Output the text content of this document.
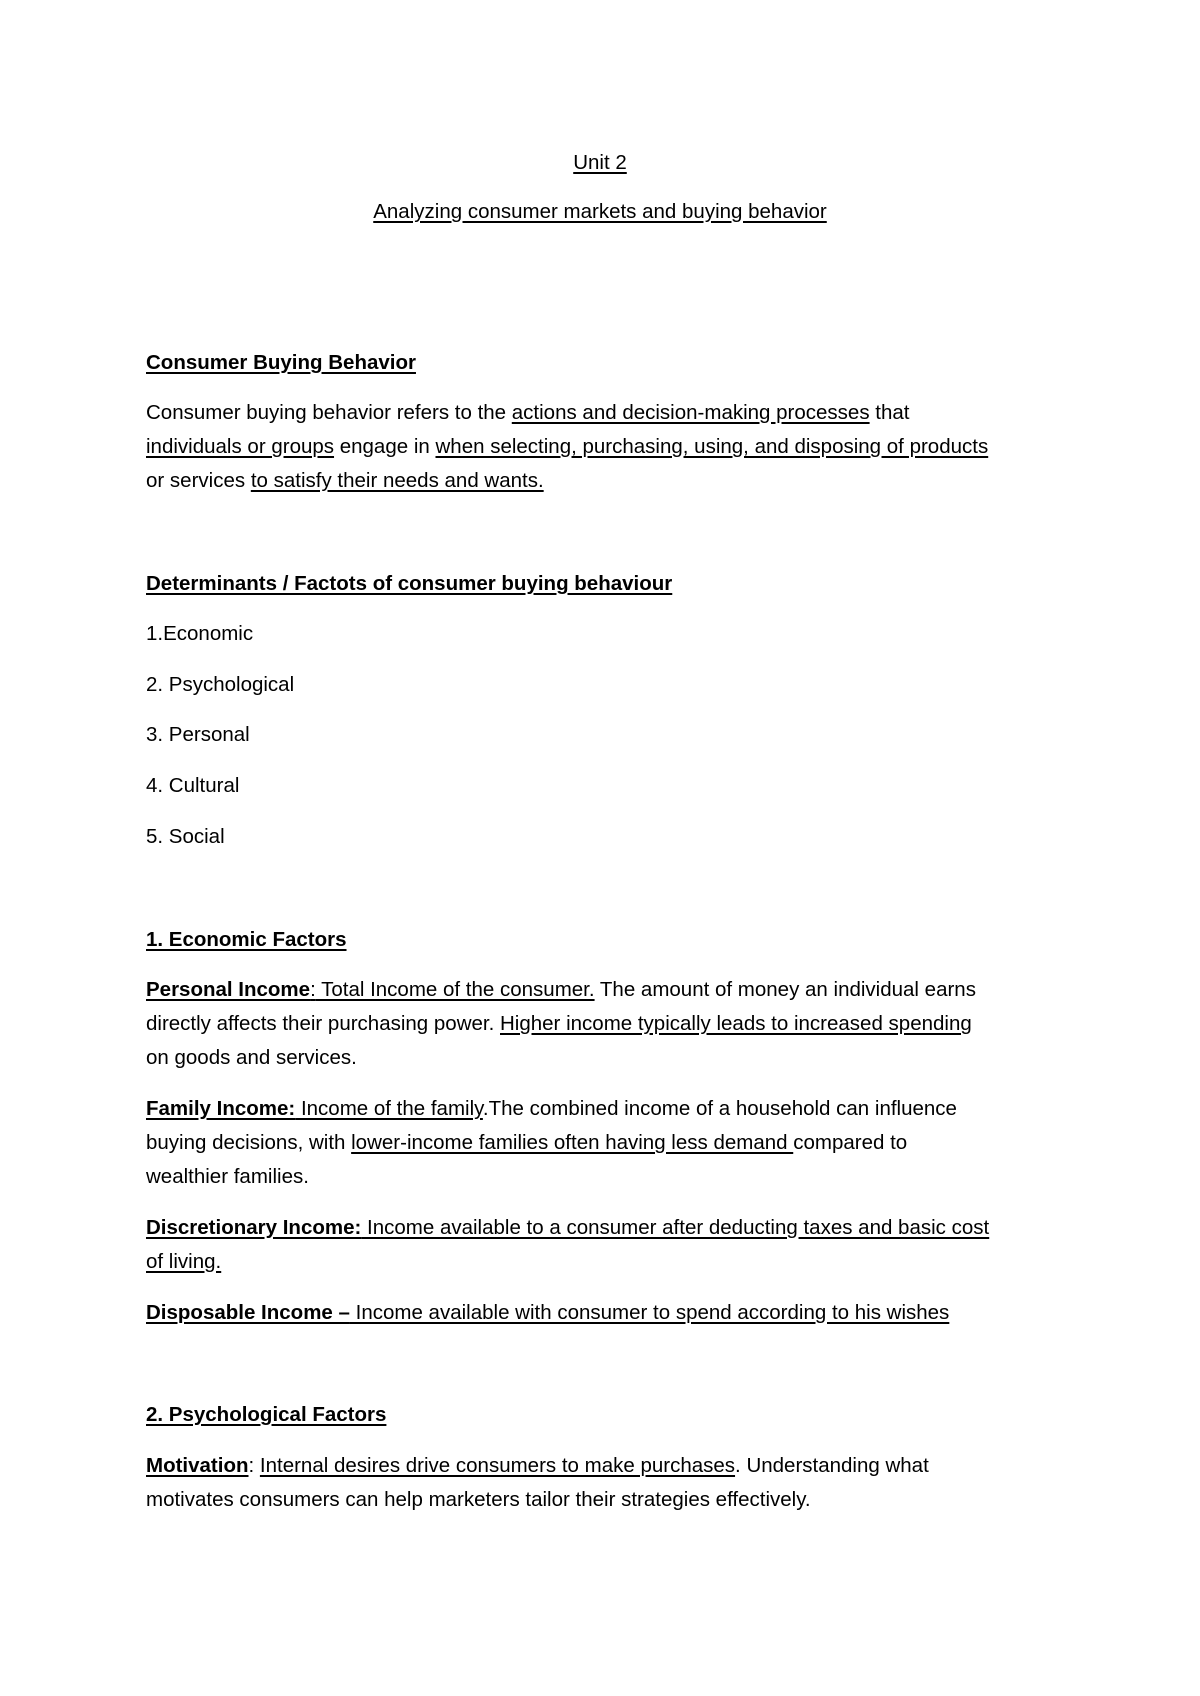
Unit 2

Analyzing consumer markets and buying behavior

Consumer Buying Behavior

Consumer buying behavior refers to the actions and decision-making processes that

individuals or groups engage in when selecting, purchasing, using, and disposing of products

or services to satisfy their needs and wants.

Determinants / Factots of consumer buying behaviour

1.Economic

2. Psychological

3. Personal

4. Cultural

5. Social

1. Economic Factors

Personal Income: Total Income of the consumer. The amount of money an individual earns

directly affects their purchasing power. Higher income typically leads to increased spending

on goods and services.

Family Income: Income of the family.The combined income of a household can influence

buying decisions, with lower-income families often having less demand compared to

wealthier families.

Discretionary Income: Income available to a consumer after deducting taxes and basic cost

of living.

Disposable Income – Income available with consumer to spend according to his wishes

2. Psychological Factors

Motivation: Internal desires drive consumers to make purchases. Understanding what

motivates consumers can help marketers tailor their strategies effectively.
